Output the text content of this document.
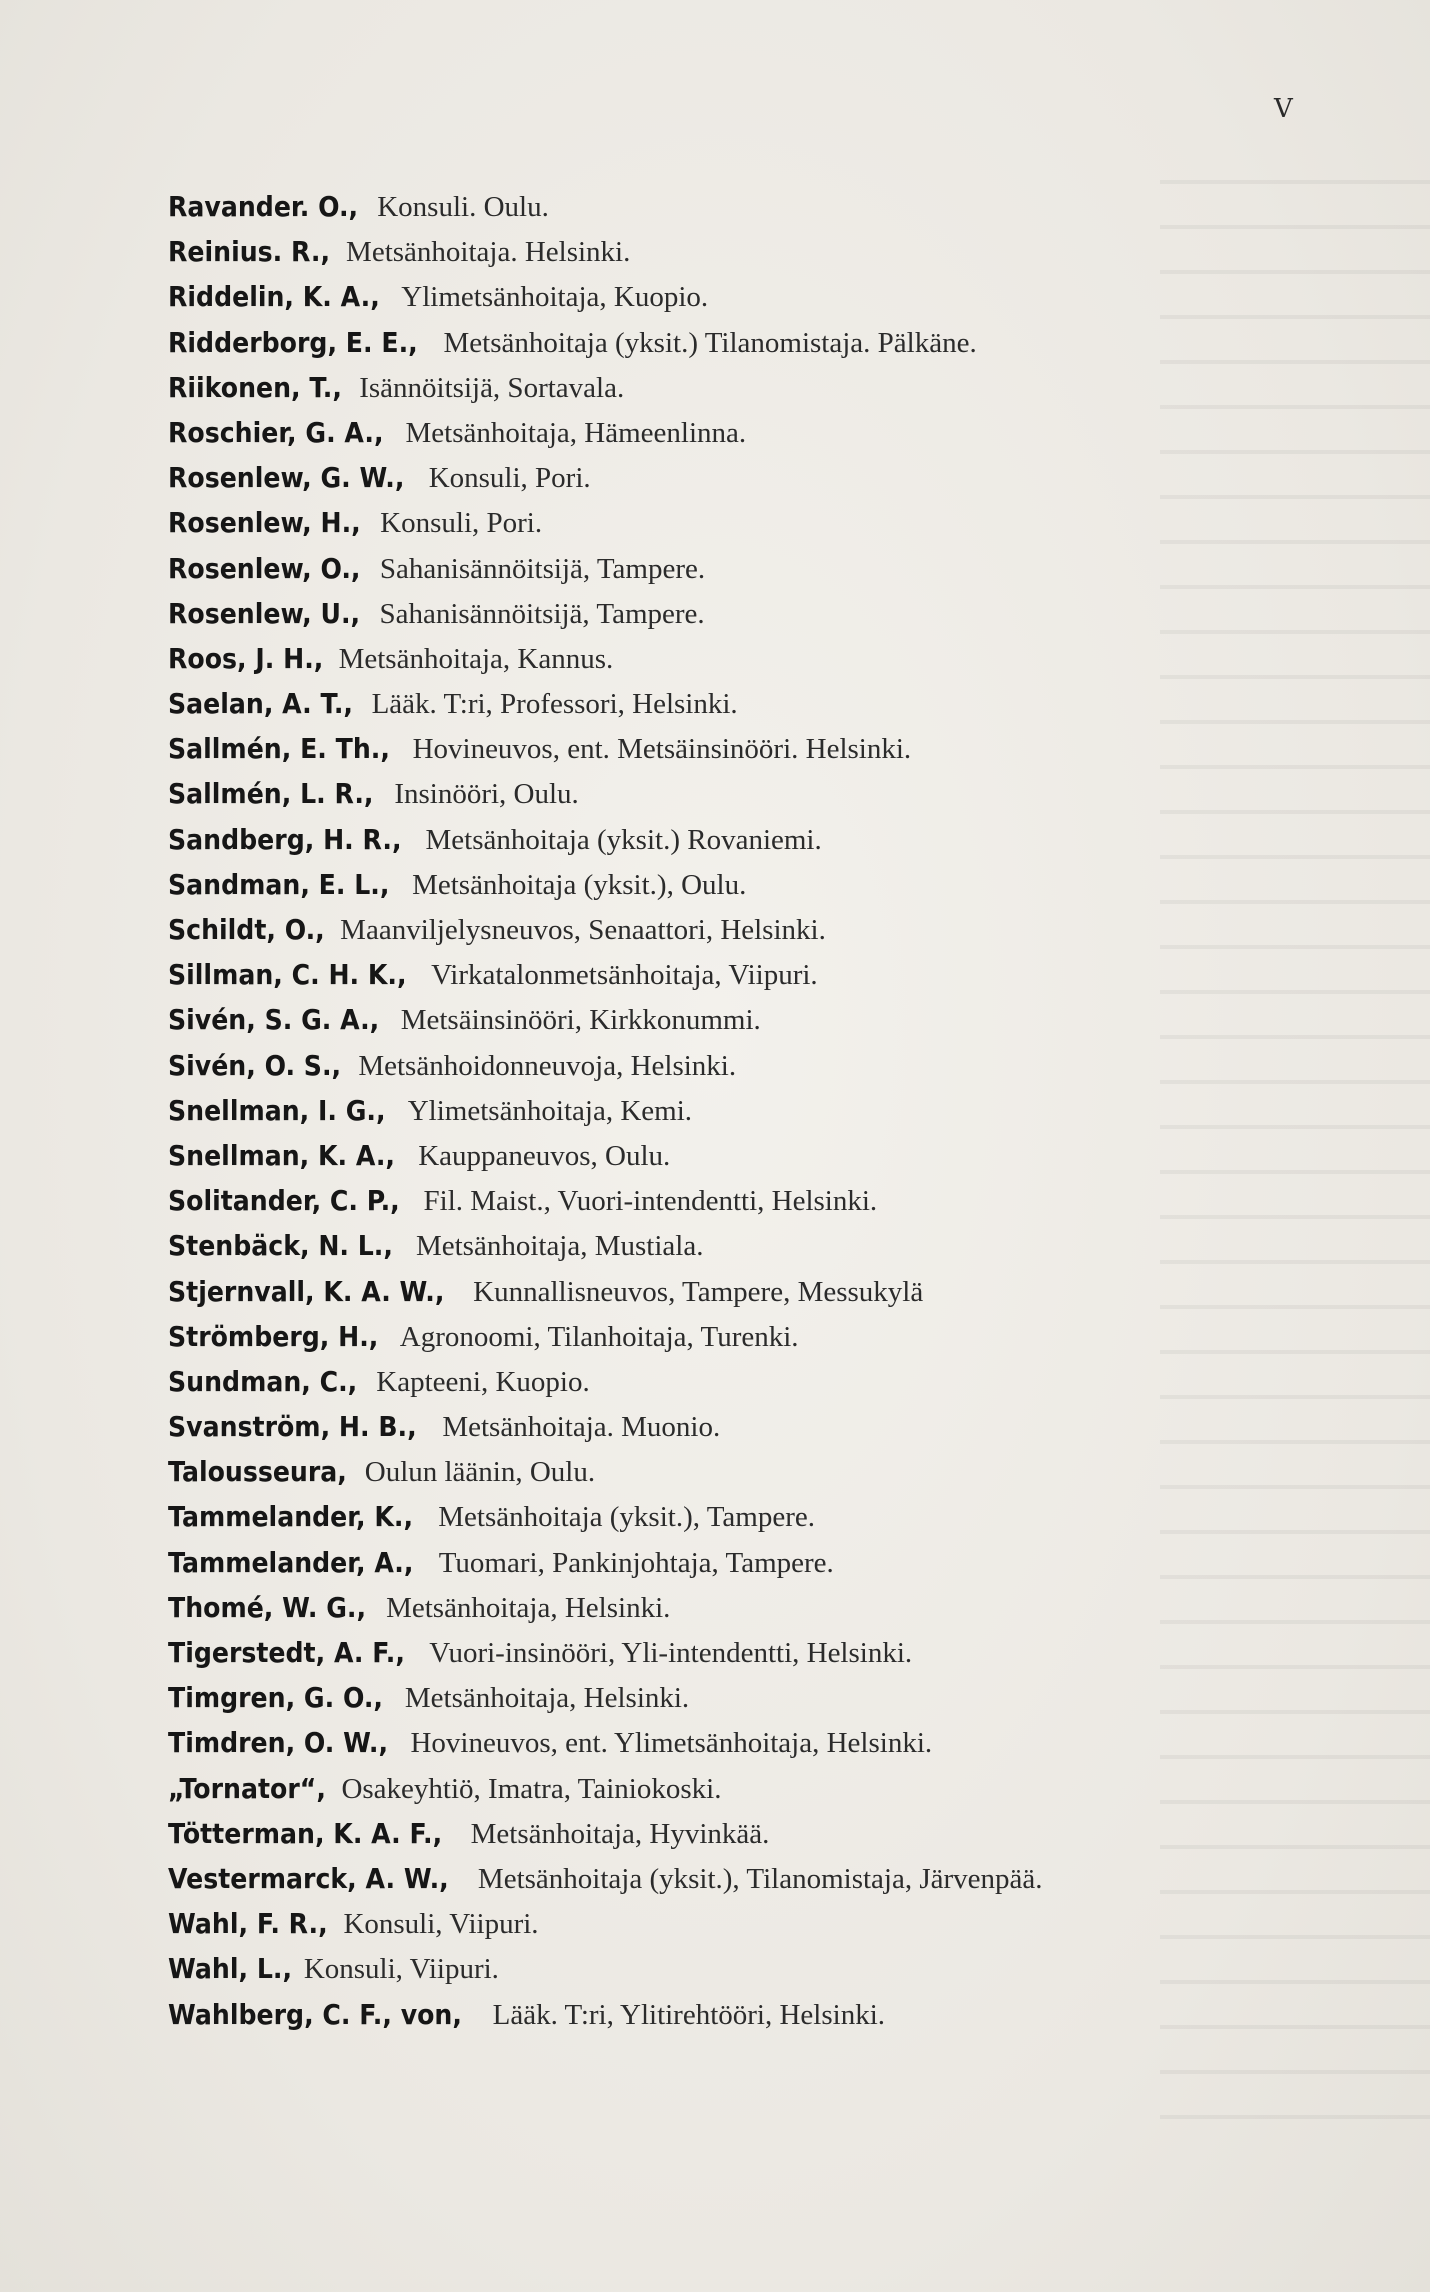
V
Ravander. O., Konsuli. Oulu.
Reinius. R., Metsänhoitaja. Helsinki.
Riddelin, K. A., Ylimetsänhoitaja, Kuopio.
Ridderborg, E. E., Metsänhoitaja (yksit.) Tilanomistaja. Pälkäne.
Riikonen, T., Isännöitsijä, Sortavala.
Roschier, G. A., Metsänhoitaja, Hämeenlinna.
Rosenlew, G. W., Konsuli, Pori.
Rosenlew, H., Konsuli, Pori.
Rosenlew, O., Sahanisännöitsijä, Tampere.
Rosenlew, U., Sahanisännöitsijä, Tampere.
Roos, J. H., Metsänhoitaja, Kannus.
Saelan, A. T., Lääk. T:ri, Professori, Helsinki.
Sallmén, E. Th., Hovineuvos, ent. Metsäinsinööri. Helsinki.
Sallmén, L. R., Insinööri, Oulu.
Sandberg, H. R., Metsänhoitaja (yksit.) Rovaniemi.
Sandman, E. L., Metsänhoitaja (yksit.), Oulu.
Schildt, O., Maanviljelysneuvos, Senaattori, Helsinki.
Sillman, C. H. K., Virkatalonmetsänhoitaja, Viipuri.
Sivén, S. G. A., Metsäinsinööri, Kirkkonummi.
Sivén, O. S., Metsänhoidonneuvoja, Helsinki.
Snellman, I. G., Ylimetsänhoitaja, Kemi.
Snellman, K. A., Kauppaneuvos, Oulu.
Solitander, C. P., Fil. Maist., Vuori-intendentti, Helsinki.
Stenbäck, N. L., Metsänhoitaja, Mustiala.
Stjernvall, K. A. W., Kunnallisneuvos, Tampere, Messukylä
Strömberg, H., Agronoomi, Tilanhoitaja, Turenki.
Sundman, C., Kapteeni, Kuopio.
Svanström, H. B., Metsänhoitaja. Muonio.
Talousseura, Oulun läänin, Oulu.
Tammelander, K., Metsänhoitaja (yksit.), Tampere.
Tammelander, A., Tuomari, Pankinjohtaja, Tampere.
Thomé, W. G., Metsänhoitaja, Helsinki.
Tigerstedt, A. F., Vuori-insinööri, Yli-intendentti, Helsinki.
Timgren, G. O., Metsänhoitaja, Helsinki.
Timdren, O. W., Hovineuvos, ent. Ylimetsänhoitaja, Helsinki.
„Tornator“, Osakeyhtiö, Imatra, Tainiokoski.
Tötterman, K. A. F., Metsänhoitaja, Hyvinkää.
Vestermarck, A. W., Metsänhoitaja (yksit.), Tilanomistaja, Järvenpää.
Wahl, F. R., Konsuli, Viipuri.
Wahl, L., Konsuli, Viipuri.
Wahlberg, C. F., von, Lääk. T:ri, Ylitirehtööri, Helsinki.
